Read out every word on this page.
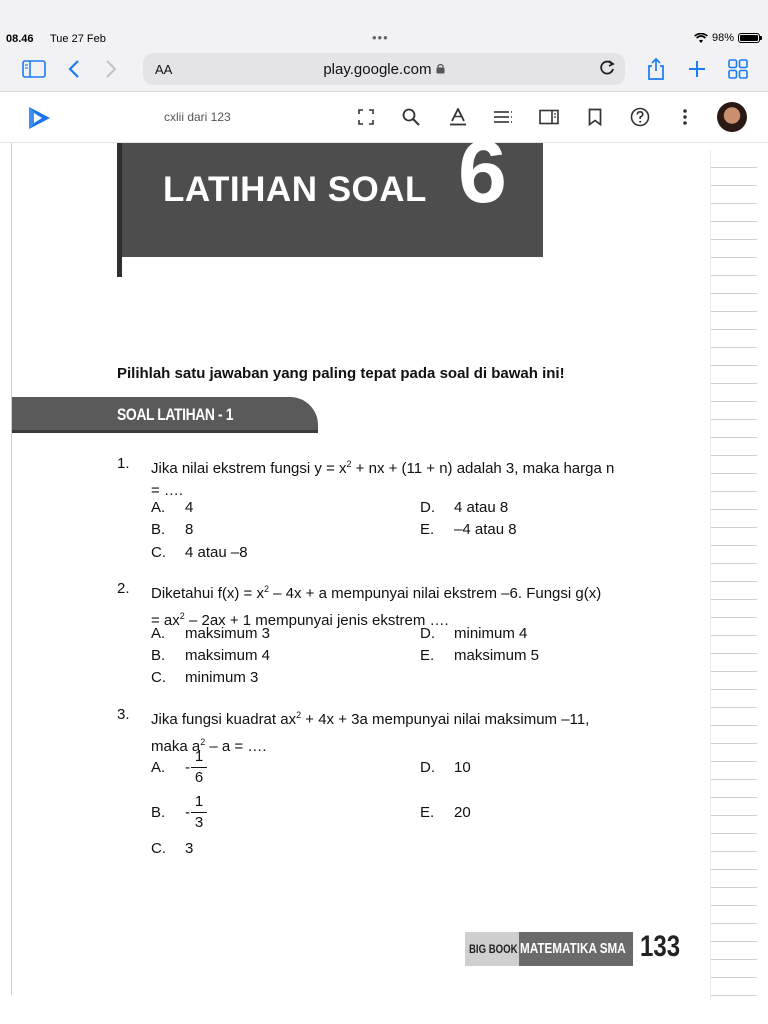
08.46 Tue 27 Feb	•••	98%
AA	play.google.com
cxlii dari 123
LATIHAN SOAL 6
Pilihlah satu jawaban yang paling tepat pada soal di bawah ini!
SOAL LATIHAN - 1
1. Jika nilai ekstrem fungsi $y = x^2$ + nx + (11 + n) adalah 3, maka harga n
= ….
A. 4
B. 8
C. 4 atau –8
D. 4 atau 8
E. –4 atau 8
2. Diketahui $f(x) = x^2 - 4x + a$ mempunyai nilai ekstrem –6. Fungsi g(x)
= $ax^2 - 2ax + 1$ mempunyai jenis ekstrem ….
A. maksimum 3
B. maksimum 4
C. minimum 3
D. minimum 4
E. maksimum 5
3. Jika fungsi kuadrat $ax^2 + 4x + 3a$ mempunyai nilai maksimum –11,
maka $a^2$ – a = ….
A. -
1
6
B. -
1
3
C. 3
D. 10
E. 20
BIG BOOK MATEMATIKA SMA 133
